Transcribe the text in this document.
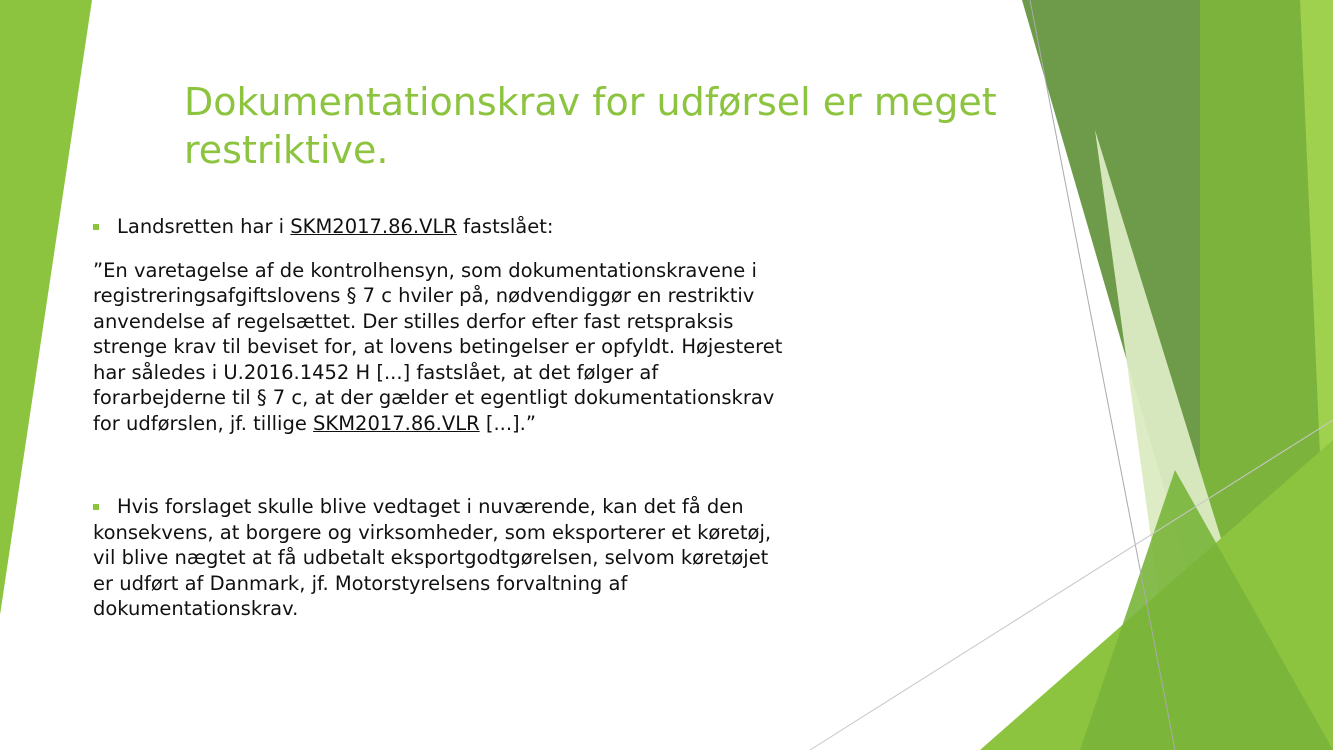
Dokumentationskrav for udførsel er meget restriktive.
Landsretten har i SKM2017.86.VLR fastslået:
”En varetagelse af de kontrolhensyn, som dokumentationskravene i registreringsafgiftslovens § 7 c hviler på, nødvendiggør en restriktiv anvendelse af regelsættet. Der stilles derfor efter fast retspraksis strenge krav til beviset for, at lovens betingelser er opfyldt. Højesteret har således i U.2016.1452 H [...] fastslået, at det følger af forarbejderne til § 7 c, at der gælder et egentligt dokumentationskrav for udførslen, jf. tillige SKM2017.86.VLR [...].”
Hvis forslaget skulle blive vedtaget i nuværende, kan det få den konsekvens, at borgere og virksomheder, som eksporterer et køretøj, vil blive nægtet at få udbetalt eksportgodtgørelsen, selvom køretøjet er udført af Danmark, jf. Motorstyrelsens forvaltning af dokumentationskrav.
